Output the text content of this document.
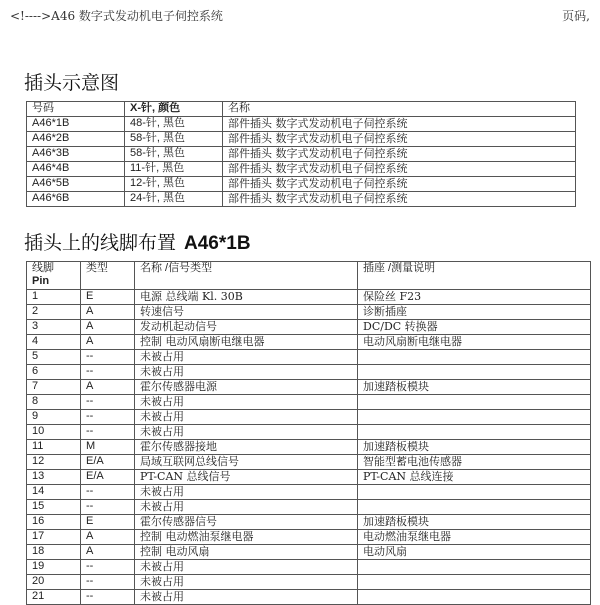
<!---->A46 数字式发动机电子伺控系统	页码,
插头示意图
号码	X-针, 颜色	名称
A46*1B	48-针, 黑色	部件插头 数字式发动机电子伺控系统
A46*2B	58-针, 黑色	部件插头 数字式发动机电子伺控系统
A46*3B	58-针, 黑色	部件插头 数字式发动机电子伺控系统
A46*4B	11-针, 黑色	部件插头 数字式发动机电子伺控系统
A46*5B	12-针, 黑色	部件插头 数字式发动机电子伺控系统
A46*6B	24-针, 黑色	部件插头 数字式发动机电子伺控系统
插头上的线脚布置 A46*1B
线脚
Pin	类型	名称 /信号类型	插座 /测量说明
1	E	电源 总线端 Kl. 30B	保险丝 F23
2	A	转速信号	诊断插座
3	A	发动机起动信号	DC/DC 转换器
4	A	控制 电动风扇断电继电器	电动风扇断电继电器
5	--	未被占用	
6	--	未被占用	
7	A	霍尔传感器电源	加速踏板模块
8	--	未被占用	
9	--	未被占用	
10	--	未被占用	
11	M	霍尔传感器接地	加速踏板模块
12	E/A	局域互联网总线信号	智能型蓄电池传感器
13	E/A	PT-CAN 总线信号	PT-CAN 总线连接
14	--	未被占用	
15	--	未被占用	
16	E	霍尔传感器信号	加速踏板模块
17	A	控制 电动燃油泵继电器	电动燃油泵继电器
18	A	控制 电动风扇	电动风扇
19	--	未被占用	
20	--	未被占用	
21	--	未被占用	
